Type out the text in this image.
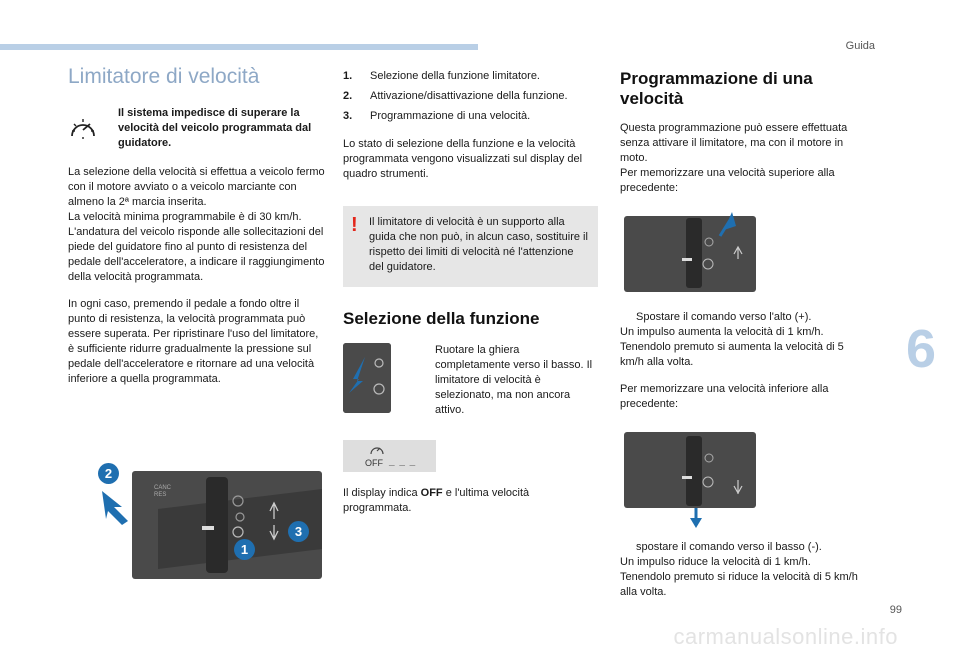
Guida
6
99
carmanualsonline.info
Limitatore di velocità
Il sistema impedisce di superare la velocità del veicolo programmata dal guidatore.

La selezione della velocità si effettua a veicolo fermo con il motore avviato o a veicolo marciante con almeno la 2ª marcia inserita.
La velocità minima programmabile è di 30 km/h.
L'andatura del veicolo risponde alle sollecitazioni del piede del guidatore fino al punto di resistenza del pedale dell'acceleratore, a indicare il raggiungimento della velocità programmata.

In ogni caso, premendo il pedale a fondo oltre il punto di resistenza, la velocità programmata può essere superata. Per ripristinare l'uso del limitatore, è sufficiente ridurre gradualmente la pressione sul pedale dell'acceleratore e ritornare ad una velocità inferiore a quella programmata.

CANC RES
2
3
1
1.	Selezione della funzione limitatore.
2.	Attivazione/disattivazione della funzione.
3.	Programmazione di una velocità.

Lo stato di selezione della funzione e la velocità programmata vengono visualizzati sul display del quadro strumenti.

!	Il limitatore di velocità è un supporto alla guida che non può, in alcun caso, sostituire il rispetto dei limiti di velocità né l'attenzione del guidatore.
Selezione della funzione
Ruotare la ghiera completamente verso il basso. Il limitatore di velocità è selezionato, ma non ancora attivo.
OFF _ _ _

Il display indica OFF e l'ultima velocità programmata.

Programmazione di una velocità

Questa programmazione può essere effettuata senza attivare il limitatore, ma con il motore in moto.
Per memorizzare una velocità superiore alla precedente:

Spostare il comando verso l'alto (+).

Un impulso aumenta la velocità di 1 km/h.
Tenendolo premuto si aumenta la velocità di 5 km/h alla volta.

Per memorizzare una velocità inferiore alla precedente:

spostare il comando verso il basso (-).

Un impulso riduce la velocità di 1 km/h.
Tenendolo premuto si riduce la velocità di 5 km/h alla volta.
